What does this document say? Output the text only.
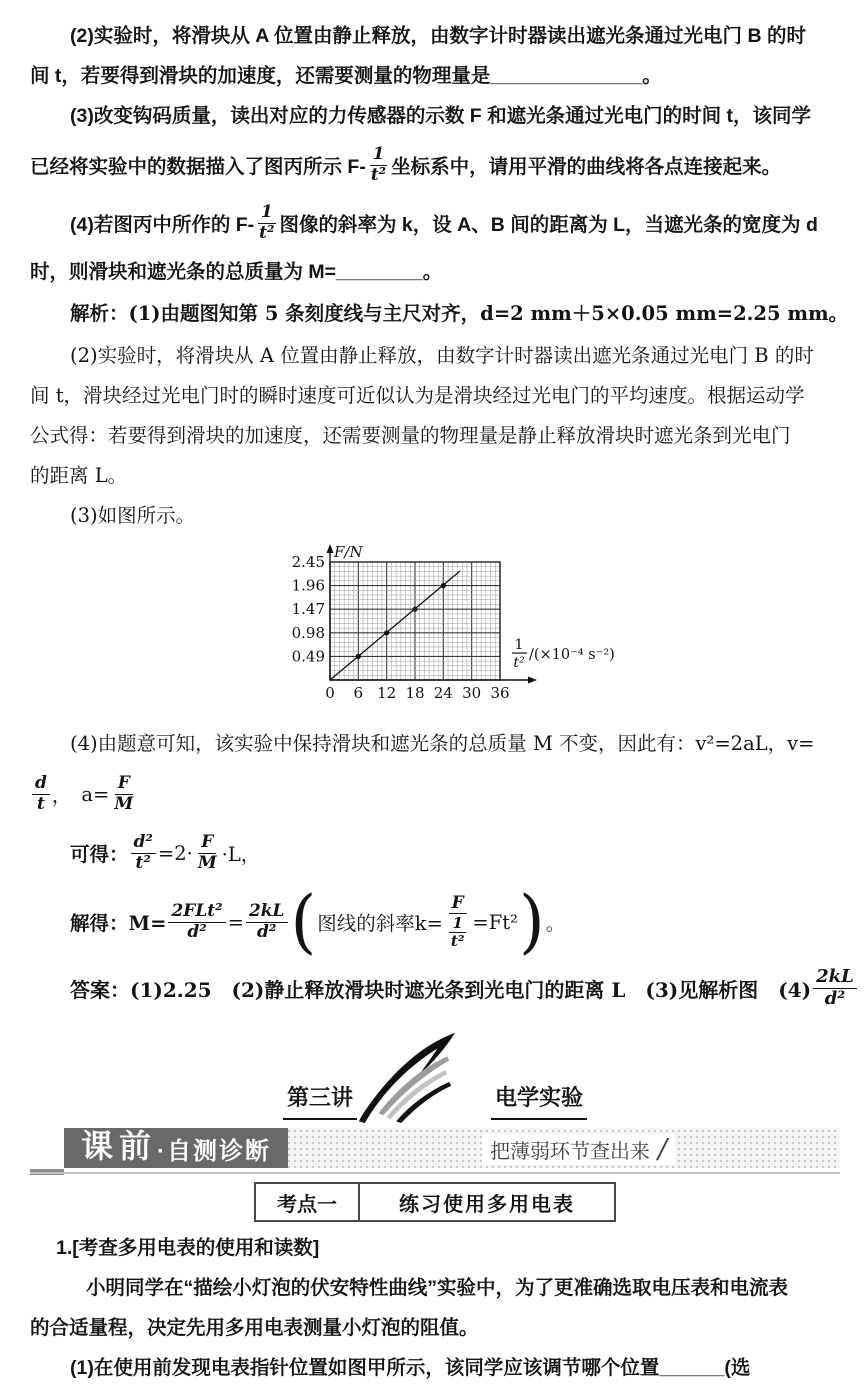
(2)实验时，将滑块从 A 位置由静止释放，由数字计时器读出遮光条通过光电门 B 的时
间 t，若要得到滑块的加速度，还需要测量的物理量是______________。
(3)改变钩码质量，读出对应的力传感器的示数 F 和遮光条通过光电门的时间 t，该同学
已经将实验中的数据描入了图丙所示 $F- \frac{1}{\text{t²}}$ 坐标系中，请用平滑的曲线将各点连接起来。
(4)若图丙中所作的 $F- \frac{1}{\text{t²}}$ 图像的斜率为 k，设 A、B 间的距离为 L，当遮光条的宽度为 d
时，则滑块和遮光条的总质量为 M=________。
解析：(1)由题图知第 5 条刻度线与主尺对齐，d=2 mm＋5×0.05 mm=2.25 mm。
(2)实验时，将滑块从 A 位置由静止释放，由数字计时器读出遮光条通过光电门 B 的时
间 t，滑块经过光电门时的瞬时速度可近似认为是滑块经过光电门的平均速度。根据运动学
公式得：若要得到滑块的加速度，还需要测量的物理量是静止释放滑块时遮光条到光电门
的距离 L。
(3)如图所示。
0.49
0.98
1.47
1.96
2.45
0 6 12 18 24 30 36
F/N
1
t² /(×10⁻⁴ s⁻²)
(4)由题意可知，该实验中保持滑块和遮光条的总质量 M 不变，因此有：v²=2aL，v=
$\frac{d}{t}$ ， $a= \frac{F}{M}$
可得： $\frac{\text{d²}}{\text{t²}} =2\cdot \frac{F}{M} \cdot L$，
解得：$M= \frac{\text{2FLt²}}{\text{d²}} = \frac{2kL}{\text{d²}}$ ( 图线的斜率$k= \frac{F}{\frac{1}{\text{t²}}} =Ft^2$ ) 。
答案： (1)2.25　(2)静止释放滑块时遮光条到光电门的距离 L　(3)见解析图　$(4) \frac{2kL}{\text{d²}}$
第三讲	电学实验
课前·自测诊断	把薄弱环节查出来 /
考点一	练习使用多用电表
1.[考查多用电表的使用和读数]
小明同学在“描绘小灯泡的伏安特性曲线”实验中，为了更准确选取电压表和电流表
的合适量程，决定先用多用电表测量小灯泡的阻值。
(1)在使用前发现电表指针位置如图甲所示，该同学应该调节哪个位置______(选
